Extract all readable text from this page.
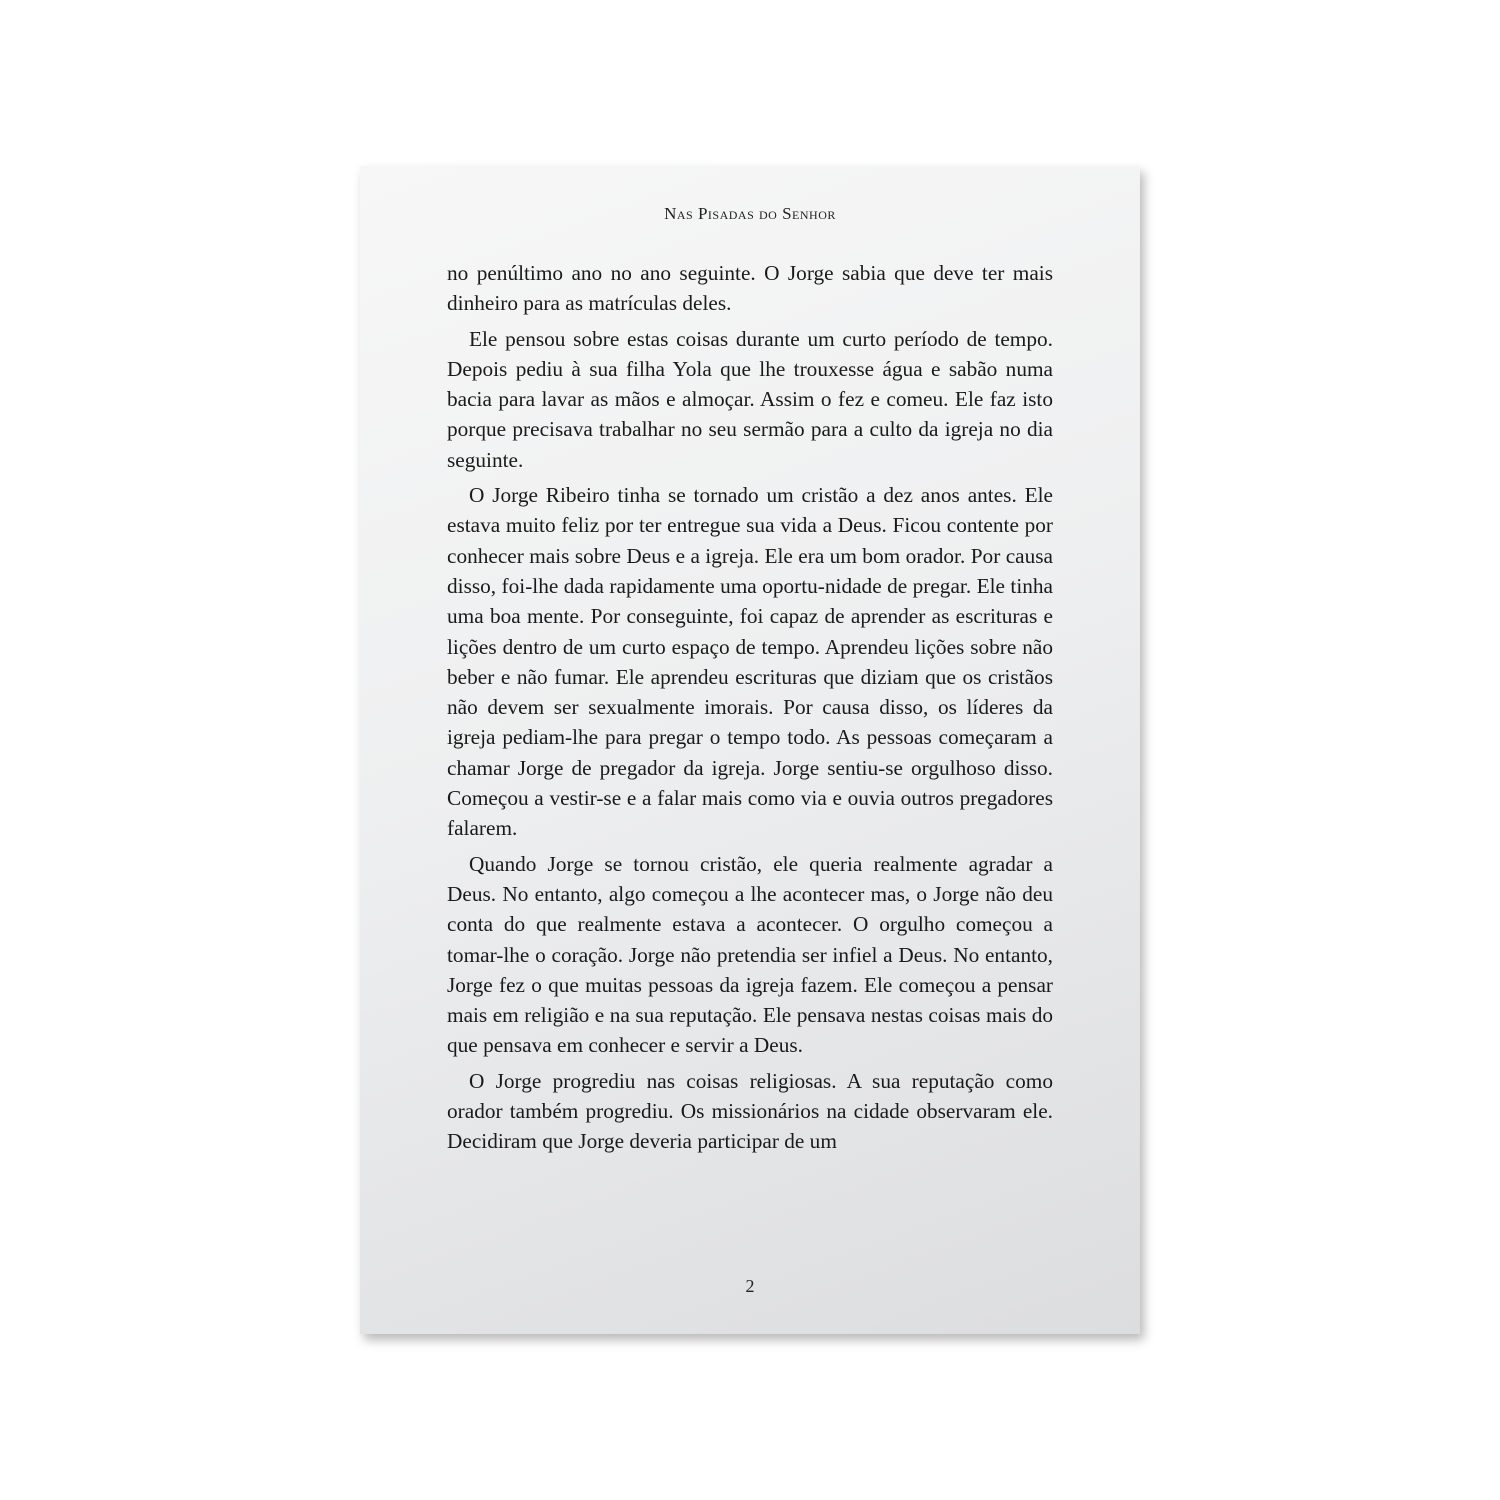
Nas Pisadas do Senhor

no penúltimo ano no ano seguinte. O Jorge sabia que deve ter mais dinheiro para as matrículas deles.

Ele pensou sobre estas coisas durante um curto período de tempo. Depois pediu à sua filha Yola que lhe trouxesse água e sabão numa bacia para lavar as mãos e almoçar. Assim o fez e comeu. Ele faz isto porque precisava trabalhar no seu sermão para a culto da igreja no dia seguinte.

O Jorge Ribeiro tinha se tornado um cristão a dez anos antes. Ele estava muito feliz por ter entregue sua vida a Deus. Ficou contente por conhecer mais sobre Deus e a igreja. Ele era um bom orador. Por causa disso, foi-lhe dada rapidamente uma oportu-nidade de pregar. Ele tinha uma boa mente. Por conseguinte, foi capaz de aprender as escrituras e lições dentro de um curto espaço de tempo. Aprendeu lições sobre não beber e não fumar. Ele aprendeu escrituras que diziam que os cristãos não devem ser sexualmente imorais. Por causa disso, os líderes da igreja pediam-lhe para pregar o tempo todo. As pessoas começaram a chamar Jorge de pregador da igreja. Jorge sentiu-se orgulhoso disso. Começou a vestir-se e a falar mais como via e ouvia outros pregadores falarem.

Quando Jorge se tornou cristão, ele queria realmente agradar a Deus. No entanto, algo começou a lhe acontecer mas, o Jorge não deu conta do que realmente estava a acontecer. O orgulho começou a tomar-lhe o coração. Jorge não pretendia ser infiel a Deus. No entanto, Jorge fez o que muitas pessoas da igreja fazem. Ele começou a pensar mais em religião e na sua reputação. Ele pensava nestas coisas mais do que pensava em conhecer e servir a Deus.

O Jorge progrediu nas coisas religiosas. A sua reputação como orador também progrediu. Os missionários na cidade observaram ele. Decidiram que Jorge deveria participar de um

2
